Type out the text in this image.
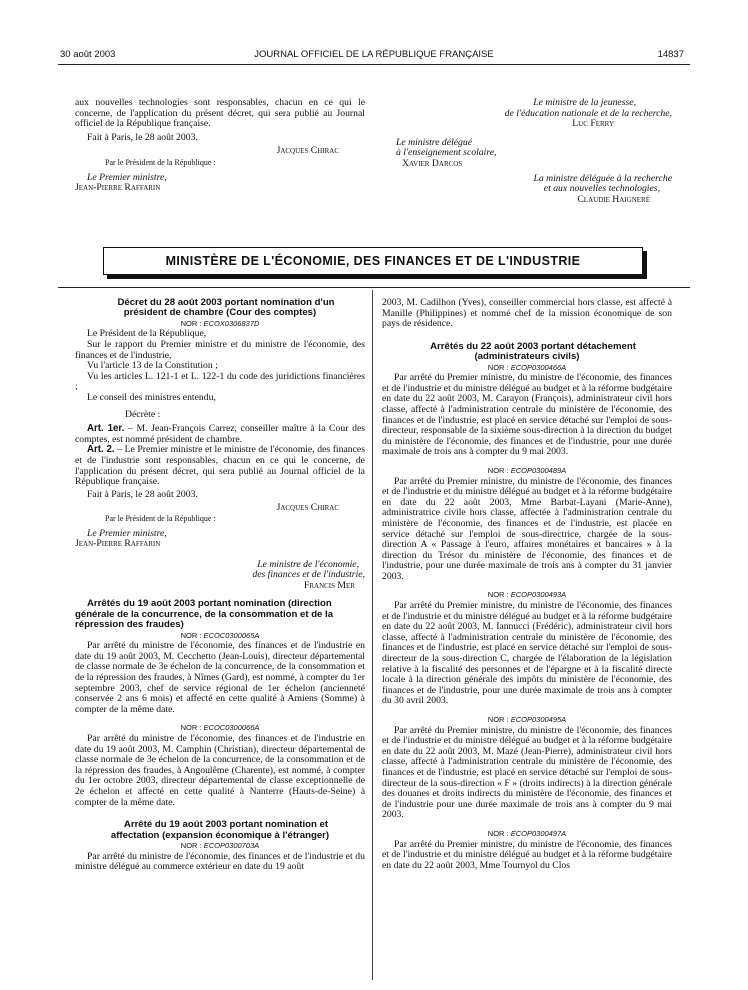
30 août 2003	JOURNAL OFFICIEL DE LA RÉPUBLIQUE FRANÇAISE	14837

aux nouvelles technologies sont responsables, chacun en ce qui le concerne, de l'application du présent décret, qui sera publié au Journal officiel de la République française.

Fait à Paris, le 28 août 2003.

Jacques Chirac

Par le Président de la République :

Le Premier ministre,

Jean-Pierre Raffarin

Le ministre de la jeunesse,

de l'éducation nationale et de la recherche,

Luc Ferry

Le ministre délégué

à l'enseignement scolaire,

Xavier Darcos

La ministre déléguée à la recherche

et aux nouvelles technologies,

Claudie Haigneré

MINISTÈRE DE L'ÉCONOMIE, DES FINANCES ET DE L'INDUSTRIE

Décret du 28 août 2003 portant nomination d'un président de chambre (Cour des comptes)

NOR : ECOX0306837D

Le Président de la République,

Sur le rapport du Premier ministre et du ministre de l'économie, des finances et de l'industrie,

Vu l'article 13 de la Constitution ;

Vu les articles L. 121-1 et L. 122-1 du code des juridictions financières ;

Le conseil des ministres entendu,

Décrète :

Art. 1er. – M. Jean-François Carrez, conseiller maître à la Cour des comptes, est nommé président de chambre.

Art. 2. – Le Premier ministre et le ministre de l'économie, des finances et de l'industrie sont responsables, chacun en ce qui le concerne, de l'application du présent décret, qui sera publié au Journal officiel de la République française.

Fait à Paris, le 28 août 2003.

Jacques Chirac

Par le Président de la République :

Le Premier ministre,

Jean-Pierre Raffarin

Le ministre de l'économie,

des finances et de l'industrie,

Francis Mer

Arrêtés du 19 août 2003 portant nomination (direction générale de la concurrence, de la consommation et de la répression des fraudes)

NOR : ECOC0300065A

Par arrêté du ministre de l'économie, des finances et de l'industrie en date du 19 août 2003, M. Cecchetto (Jean-Louis), directeur départemental de classe normale de 3e échelon de la concurrence, de la consommation et de la répression des fraudes, à Nîmes (Gard), est nommé, à compter du 1er septembre 2003, chef de service régional de 1er échelon (ancienneté conservée 2 ans 6 mois) et affecté en cette qualité à Amiens (Somme) à compter de la même date.

NOR : ECOC0300066A

Par arrêté du ministre de l'économie, des finances et de l'industrie en date du 19 août 2003, M. Camphin (Christian), directeur départemental de classe normale de 3e échelon de la concurrence, de la consommation et de la répression des fraudes, à Angoulême (Charente), est nommé, à compter du 1er octobre 2003, directeur départemental de classe exceptionnelle de 2e échelon et affecté en cette qualité à Nanterre (Hauts-de-Seine) à compter de la même date.

Arrêté du 19 août 2003 portant nomination et affectation (expansion économique à l'étranger)

NOR : ECOP0300703A

Par arrêté du ministre de l'économie, des finances et de l'industrie et du ministre délégué au commerce extérieur en date du 19 août

2003, M. Cadilhon (Yves), conseiller commercial hors classe, est affecté à Manille (Philippines) et nommé chef de la mission économique de son pays de résidence.

Arrêtés du 22 août 2003 portant détachement (administrateurs civils)

NOR : ECOP0300466A

Par arrêté du Premier ministre, du ministre de l'économie, des finances et de l'industrie et du ministre délégué au budget et à la réforme budgétaire en date du 22 août 2003, M. Carayon (François), administrateur civil hors classe, affecté à l'administration centrale du ministère de l'économie, des finances et de l'industrie, est placé en service détaché sur l'emploi de sous-directeur, responsable de la sixième sous-direction à la direction du budget du ministère de l'économie, des finances et de l'industrie, pour une durée maximale de trois ans à compter du 9 mai 2003.

NOR : ECOP0300489A

Par arrêté du Premier ministre, du ministre de l'économie, des finances et de l'industrie et du ministre délégué au budget et à la réforme budgétaire en date du 22 août 2003, Mme Barbat-Layani (Marie-Anne), administratrice civile hors classe, affectée à l'administration centrale du ministère de l'économie, des finances et de l'industrie, est placée en service détaché sur l'emploi de sous-directrice, chargée de la sous-direction A « Passage à l'euro, affaires monétaires et bancaires » à la direction du Trésor du ministère de l'économie, des finances et de l'industrie, pour une durée maximale de trois ans à compter du 31 janvier 2003.

NOR : ECOP0300493A

Par arrêté du Premier ministre, du ministre de l'économie, des finances et de l'industrie et du ministre délégué au budget et à la réforme budgétaire en date du 22 août 2003, M. Iannucci (Frédéric), administrateur civil hors classe, affecté à l'administration centrale du ministère de l'économie, des finances et de l'industrie, est placé en service détaché sur l'emploi de sous-directeur de la sous-direction C, chargée de l'élaboration de la législation relative à la fiscalité des personnes et de l'épargne et à la fiscalité directe locale à la direction générale des impôts du ministère de l'économie, des finances et de l'industrie, pour une durée maximale de trois ans à compter du 30 avril 2003.

NOR : ECOP0300495A

Par arrêté du Premier ministre, du ministre de l'économie, des finances et de l'industrie et du ministre délégué au budget et à la réforme budgétaire en date du 22 août 2003, M. Mazé (Jean-Pierre), administrateur civil hors classe, affecté à l'administration centrale du ministère de l'économie, des finances et de l'industrie, est placé en service détaché sur l'emploi de sous-directeur de la sous-direction « F » (droits indirects) à la direction générale des douanes et droits indirects du ministère de l'économie, des finances et de l'industrie pour une durée maximale de trois ans à compter du 9 mai 2003.

NOR : ECOP0300497A

Par arrêté du Premier ministre, du ministre de l'économie, des finances et de l'industrie et du ministre délégué au budget et à la réforme budgétaire en date du 22 août 2003, Mme Tournyol du Clos
